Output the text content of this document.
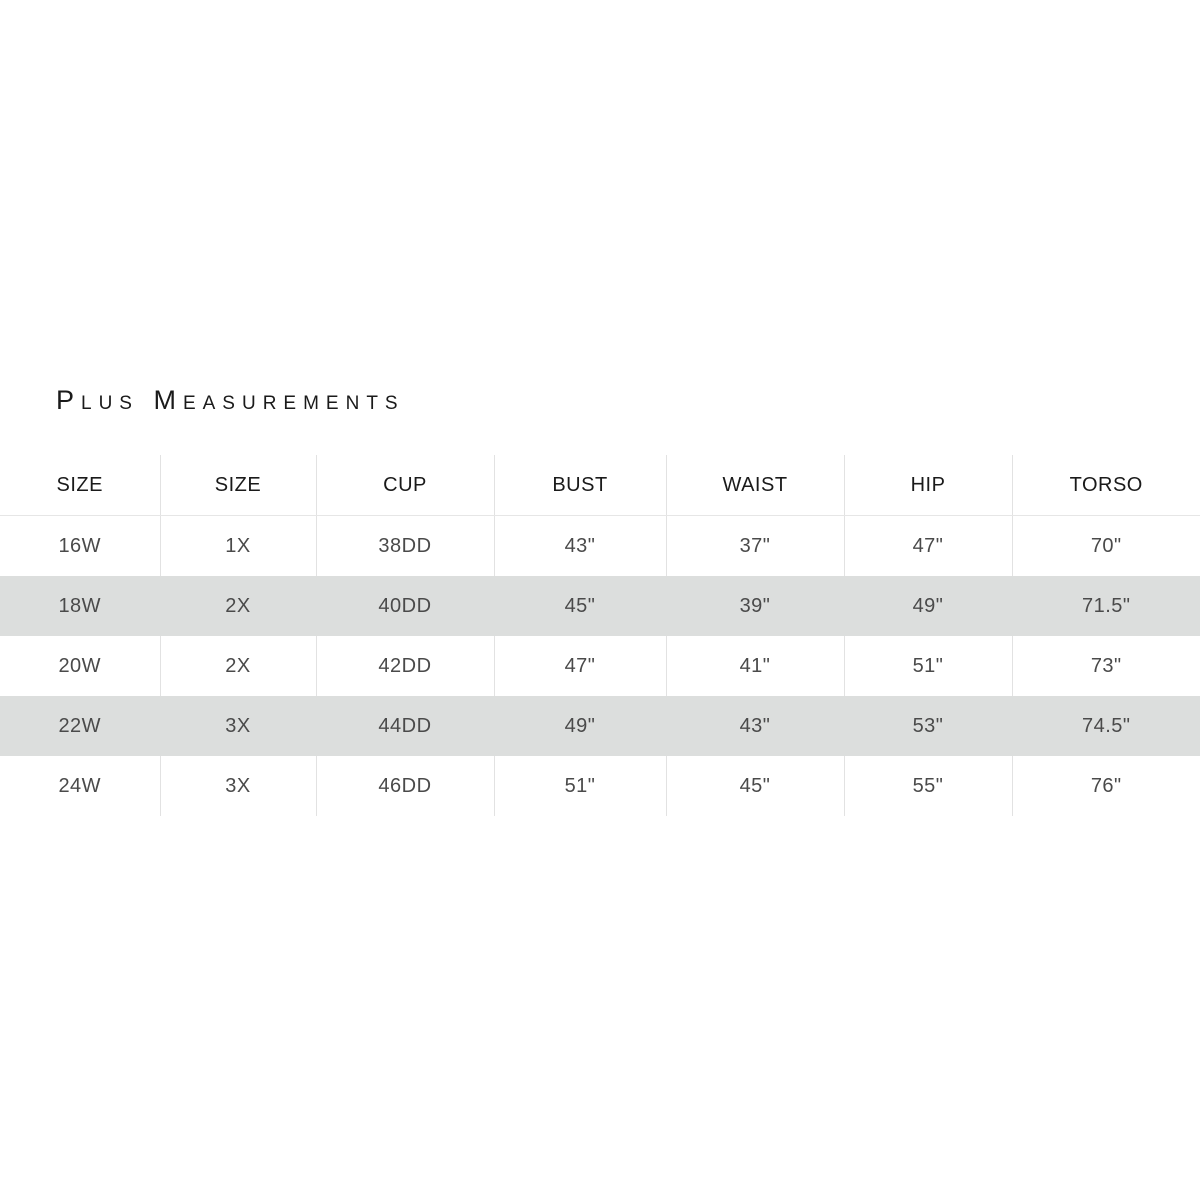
Plus Measurements
SIZE	SIZE	CUP	BUST	WAIST	HIP	TORSO
16W	1X	38DD	43"	37"	47"	70"
18W	2X	40DD	45"	39"	49"	71.5"
20W	2X	42DD	47"	41"	51"	73"
22W	3X	44DD	49"	43"	53"	74.5"
24W	3X	46DD	51"	45"	55"	76"
